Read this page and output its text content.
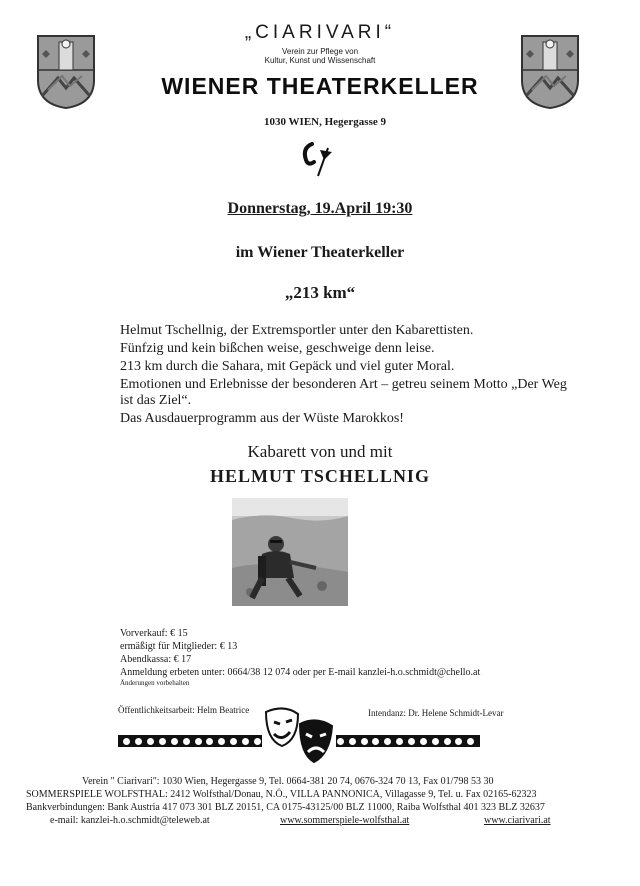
„CIARIVARI“
Verein zur Pflege von
Kultur, Kunst und Wissenschaft
WIENER THEATERKELLER
1030 WIEN, Hegergasse 9
Donnerstag, 19.April 19:30
im Wiener Theaterkeller
„213 km“
Helmut Tschellnig, der Extremsportler unter den Kabarettisten.
Fünfzig und kein bißchen weise, geschweige denn leise.
213 km durch die Sahara, mit Gepäck und viel guter Moral.
Emotionen und Erlebnisse der besonderen Art – getreu seinem Motto „Der Weg
ist das Ziel“.
Das Ausdauerprogramm aus der Wüste Marokkos!
Kabarett von und mit
HELMUT TSCHELLNIG
Vorverkauf: € 15
ermäßigt für Mitglieder: € 13
Abendkassa: € 17
Anmeldung erbeten unter: 0664/38 12 074 oder per E-mail kanzlei-h.o.schmidt@chello.at
Änderungen vorbehalten
Öffentlichkeitsarbeit: Helm Beatrice	Intendanz: Dr. Helene Schmidt-Levar
Verein " Ciarivari": 1030 Wien, Hegergasse 9, Tel. 0664-381 20 74, 0676-324 70 13, Fax 01/798 53 30
SOMMERSPIELE WOLFSTHAL: 2412 Wolfsthal/Donau, N.Ö., VILLA PANNONICA, Villagasse 9, Tel. u. Fax 02165-62323
Bankverbindungen: Bank Austria 417 073 301 BLZ 20151, CA 0175-43125/00 BLZ 11000, Raiba Wolfsthal 401 323 BLZ 32637
e-mail: kanzlei-h.o.schmidt@teleweb.at	www.sommerspiele-wolfsthal.at	www.ciarivari.at
